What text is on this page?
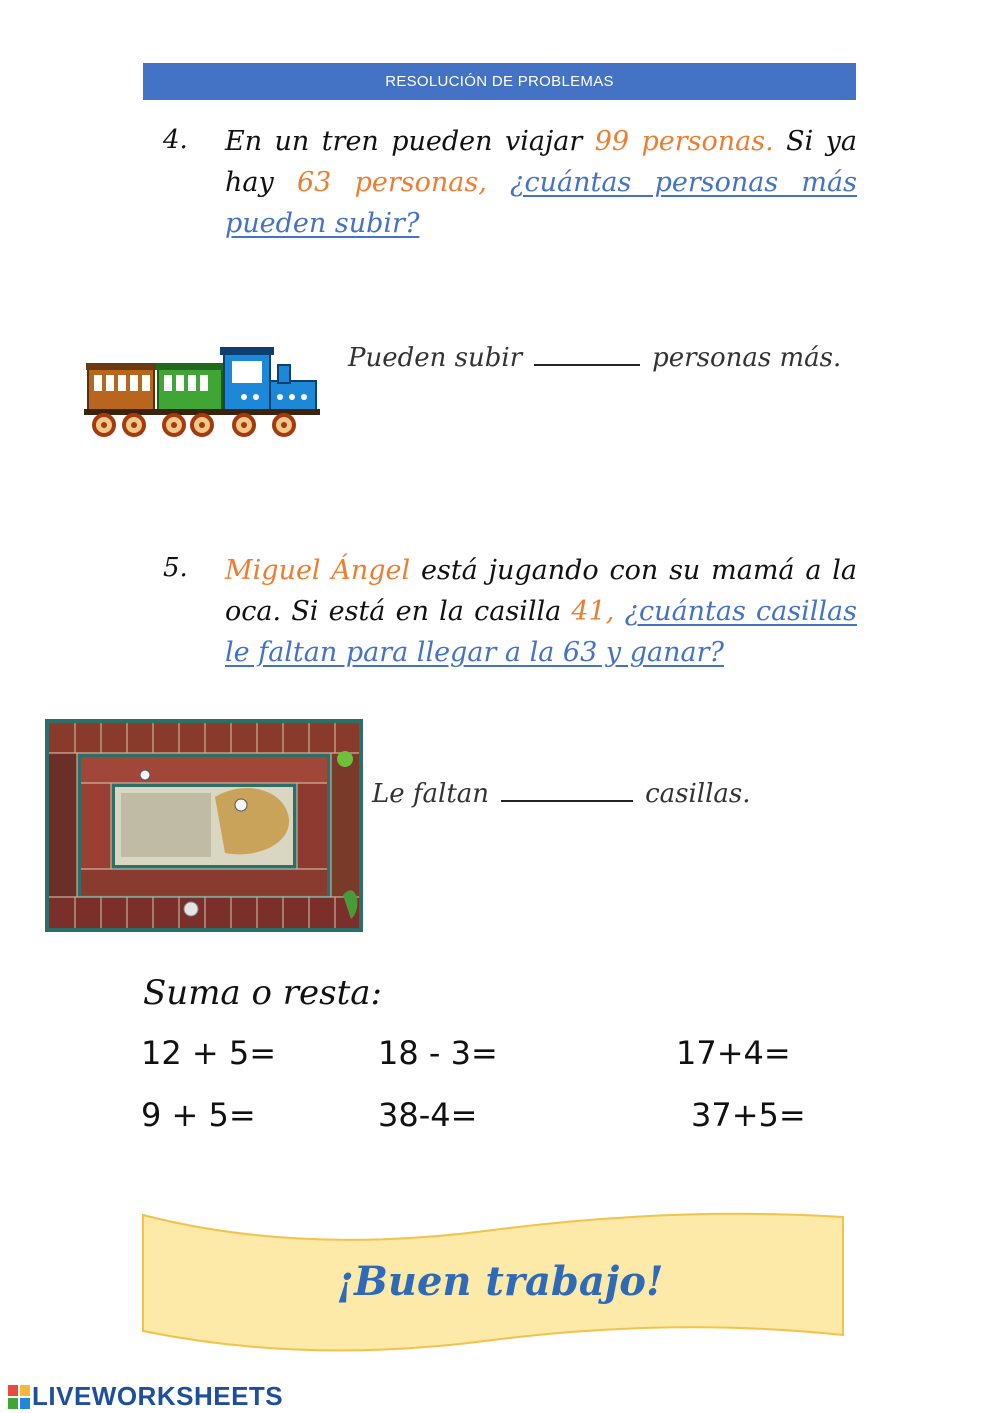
RESOLUCIÓN DE PROBLEMAS
4. En un tren pueden viajar 99 personas. Si ya hay 63 personas, ¿cuántas personas más pueden subir?
Pueden subir	personas más.
5. Miguel Ángel está jugando con su mamá a la oca. Si está en la casilla 41, ¿cuántas casillas le faltan para llegar a la 63 y ganar?
Le faltan	casillas.
Suma o resta:
12 + 5=	18 - 3=	17+4=
9 + 5=	38-4=	37+5=
¡Buen trabajo!
LIVEWORKSHEETS
